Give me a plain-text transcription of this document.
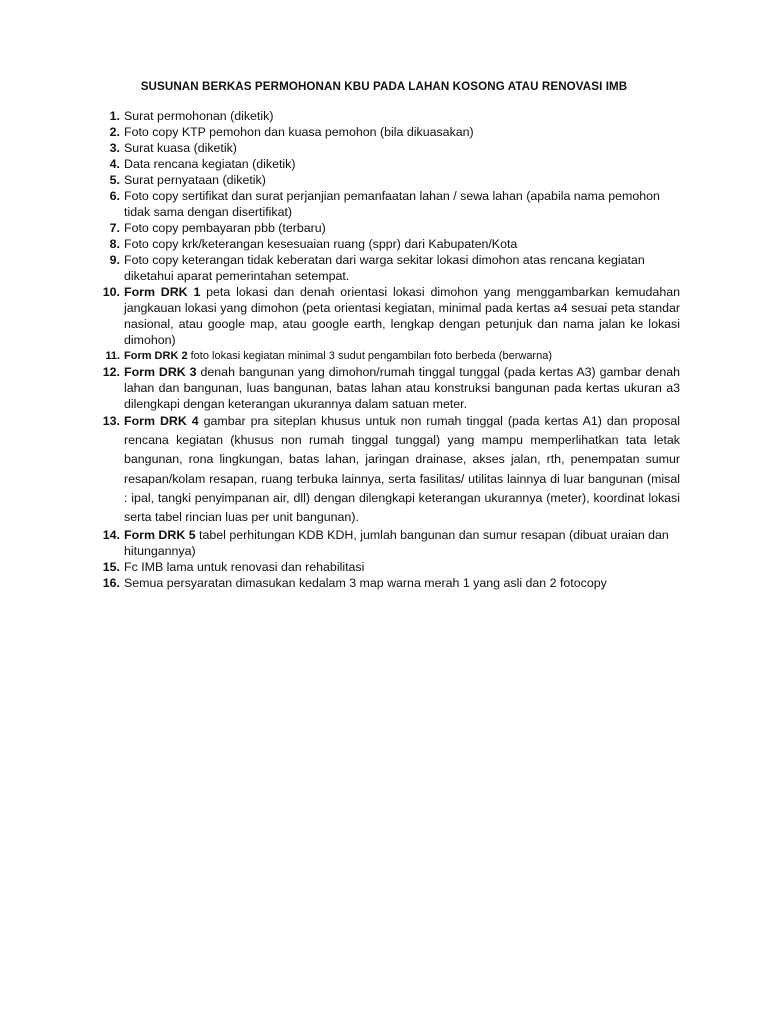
SUSUNAN BERKAS PERMOHONAN KBU PADA LAHAN KOSONG ATAU RENOVASI IMB
1. Surat permohonan (diketik)
2. Foto copy KTP pemohon dan kuasa pemohon (bila dikuasakan)
3. Surat kuasa (diketik)
4. Data rencana kegiatan (diketik)
5. Surat pernyataan (diketik)
6. Foto copy sertifikat dan surat perjanjian pemanfaatan lahan / sewa lahan (apabila nama pemohon tidak sama dengan disertifikat)
7. Foto copy pembayaran pbb (terbaru)
8. Foto copy krk/keterangan kesesuaian ruang (sppr) dari Kabupaten/Kota
9. Foto copy keterangan tidak keberatan dari warga sekitar lokasi dimohon atas rencana kegiatan diketahui aparat pemerintahan setempat.
10. Form DRK 1 peta lokasi dan denah orientasi lokasi dimohon yang menggambarkan kemudahan jangkauan lokasi yang dimohon (peta orientasi kegiatan, minimal pada kertas a4 sesuai peta standar nasional, atau google map, atau google earth, lengkap dengan petunjuk dan nama jalan ke lokasi dimohon)
11. Form DRK 2 foto lokasi kegiatan minimal 3 sudut pengambilan foto berbeda (berwarna)
12. Form DRK 3 denah bangunan yang dimohon/rumah tinggal tunggal (pada kertas A3) gambar denah lahan dan bangunan, luas bangunan, batas lahan atau konstruksi bangunan pada kertas ukuran a3 dilengkapi dengan keterangan ukurannya dalam satuan meter.
13. Form DRK 4 gambar pra siteplan khusus untuk non rumah tinggal (pada kertas A1) dan proposal rencana kegiatan (khusus non rumah tinggal tunggal) yang mampu memperlihatkan tata letak bangunan, rona lingkungan, batas lahan, jaringan drainase, akses jalan, rth, penempatan sumur resapan/kolam resapan, ruang terbuka lainnya, serta fasilitas/ utilitas lainnya di luar bangunan (misal : ipal, tangki penyimpanan air, dll) dengan dilengkapi keterangan ukurannya (meter), koordinat lokasi serta tabel rincian luas per unit bangunan).
14. Form DRK 5 tabel perhitungan KDB KDH, jumlah bangunan dan sumur resapan (dibuat uraian dan hitungannya)
15. Fc IMB lama untuk renovasi dan rehabilitasi
16. Semua persyaratan dimasukan kedalam 3 map warna merah 1 yang asli dan 2 fotocopy
